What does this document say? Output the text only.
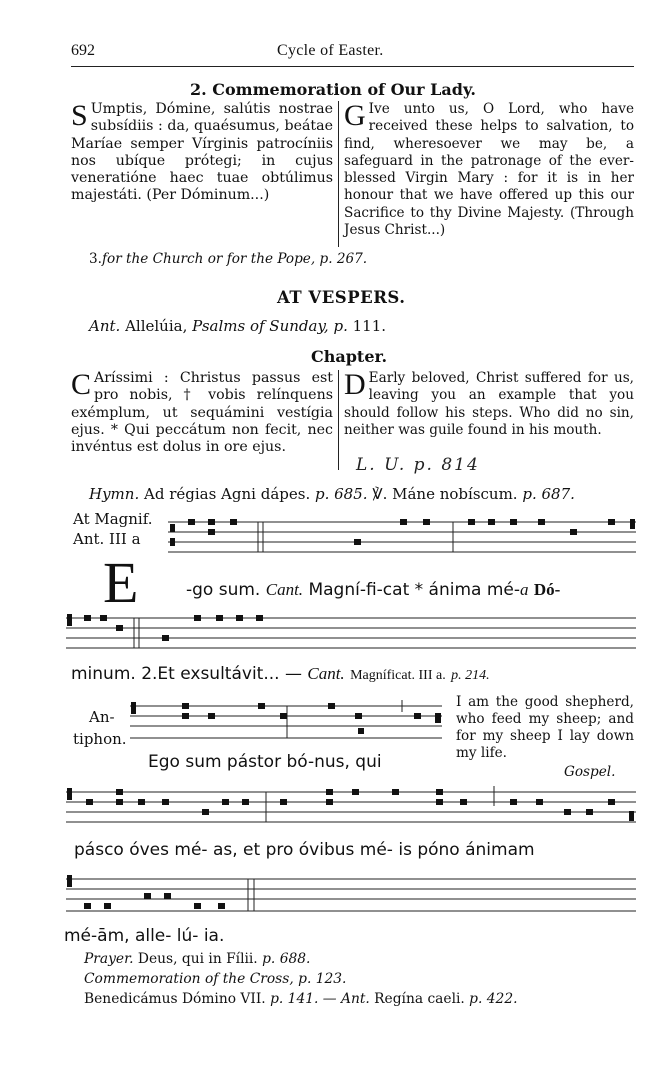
692	Cycle of Easter.
2. Commemoration of Our Lady.
S Umptis, Dómine, salútis nostrae subsídiis : da, quaésumus, beátae Maríae semper Vírginis patrocíniis nos ubíque prótegi; in cujus veneratióne haec tuae obtúlimus majestáti. (Per Dóminum...)
G Ive unto us, O Lord, who have received these helps to salvation, to find, wheresoever we may be, a safeguard in the patronage of the ever-blessed Virgin Mary : for it is in her honour that we have offered up this our Sacrifice to thy Divine Majesty. (Through Jesus Christ...)
3.for the Church or for the Pope, p. 267.
AT VESPERS.
Ant. Allelúia, Psalms of Sunday, p. 111.
Chapter.
C Aríssimi : Christus passus est pro nobis, † vobis relínquens exémplum, ut sequámini vestígia ejus. * Qui peccátum non fecit, nec invéntus est dolus in ore ejus.
D Early beloved, Christ suffered for us, leaving you an example that you should follow his steps. Who did no sin, neither was guile found in his mouth.
L. U. p. 814
Hymn. Ad régias Agni dápes. p. 685. ℣. Máne nobíscum. p. 687.
At Magnif.
Ant. III a
E	-go sum. Cant. Magní-fi-cat * ánima mé-a Dó-
minum. 2.Et exsultávit... — Cant. Magníficat. III a. p. 214.
An-
tiphon.
I am the good shepherd, who feed my sheep; and for my sheep I lay down my life.
Gospel.
Ego sum pástor bó-nus, qui
pásco óves mé- as, et pro óvibus mé- is póno ánimam
mé-ām, alle- lú- ia.
Prayer. Deus, qui in Fílii. p. 688.
Commemoration of the Cross, p. 123.
Benedicámus Dómino VII. p. 141. — Ant. Regína caeli. p. 422.
